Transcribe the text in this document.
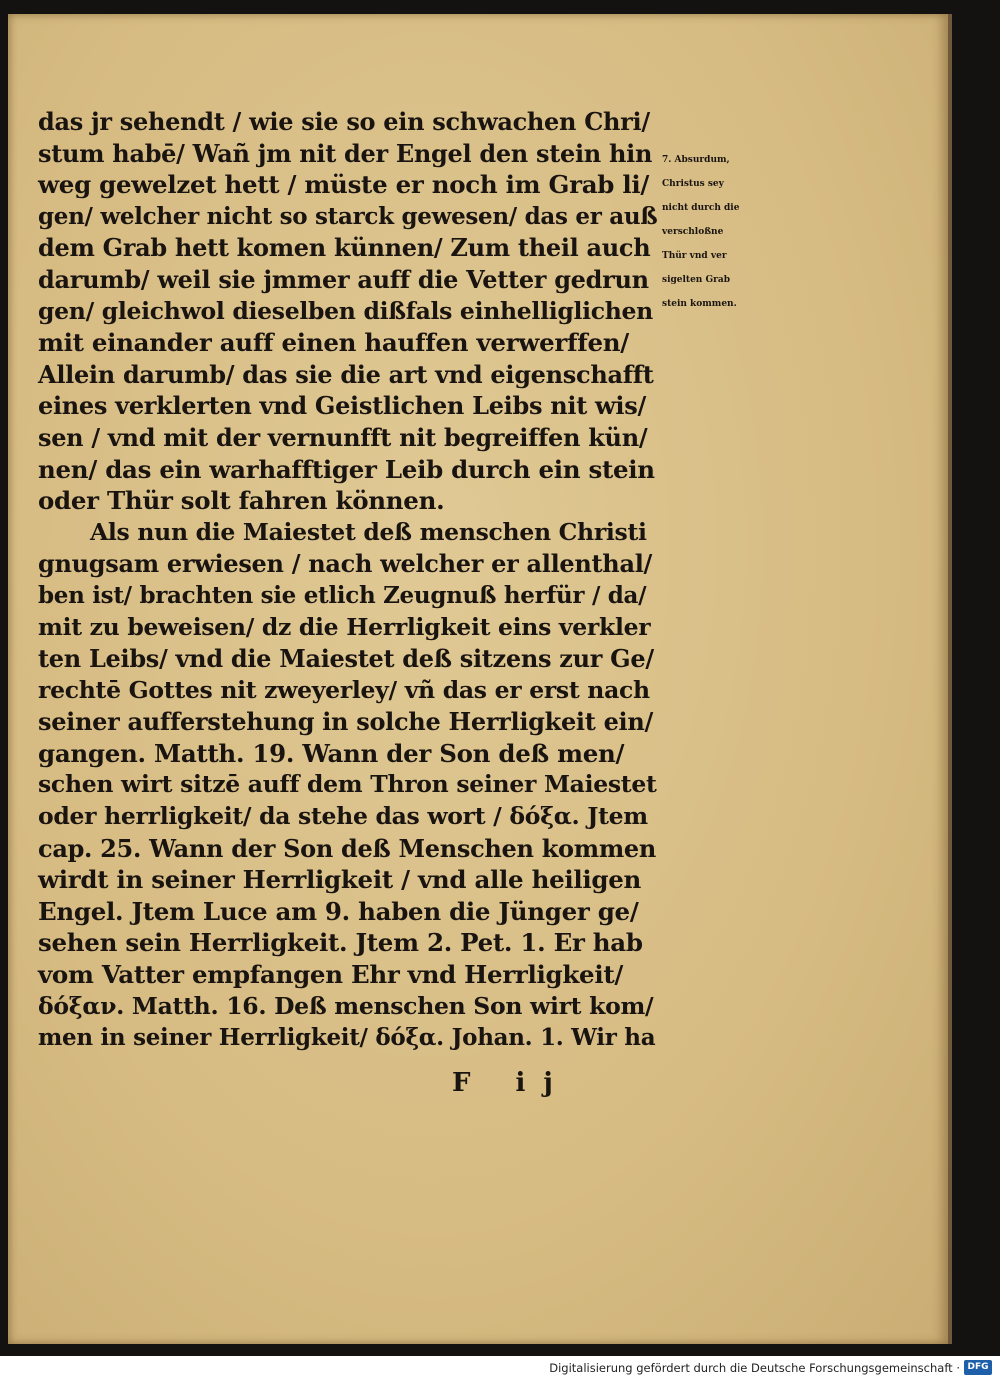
das jr sehendt / wie sie so ein schwachen Chri/
stum habē/ Wañ jm nit der Engel den stein hin
weg gewelzet hett / müste er noch im Grab li/
gen/ welcher nicht so starck gewesen/ das er auß
dem Grab hett komen künnen/ Zum theil auch
darumb/ weil sie jmmer auff die Vetter gedrun
gen/ gleichwol dieselben dißfals einhelliglichen
mit einander auff einen hauffen verwerffen/
Allein darumb/ das sie die art vnd eigenschafft
eines verklerten vnd Geistlichen Leibs nit wis/
sen / vnd mit der vernunfft nit begreiffen kün/
nen/ das ein warhafftiger Leib durch ein stein
oder Thür solt fahren können.
Als nun die Maiestet deß menschen Christi
gnugsam erwiesen / nach welcher er allenthal/
ben ist/ brachten sie etlich Zeugnuß herfür / da/
mit zu beweisen/ dz die Herrligkeit eins verkler
ten Leibs/ vnd die Maiestet deß sitzens zur Ge/
rechtē Gottes nit zweyerley/ vñ das er erst nach
seiner aufferstehung in solche Herrligkeit ein/
gangen. Matth. 19. Wann der Son deß men/
schen wirt sitzē auff dem Thron seiner Maiestet
oder herrligkeit/ da stehe das wort / δόξα. Jtem
cap. 25. Wann der Son deß Menschen kommen
wirdt in seiner Herrligkeit / vnd alle heiligen
Engel. Jtem Luce am 9. haben die Jünger ge/
sehen sein Herrligkeit. Jtem 2. Pet. 1. Er hab
vom Vatter empfangen Ehr vnd Herrligkeit/
δόξαν. Matth. 16. Deß menschen Son wirt kom/
men in seiner Herrligkeit/ δόξα. Johan. 1. Wir ha
7. Absurdum,
Christus sey
nicht durch die
verschloßne
Thür vnd ver
sigelten Grab
stein kommen.
F ij
Digitalisierung gefördert durch die Deutsche Forschungsgemeinschaft · DFG
